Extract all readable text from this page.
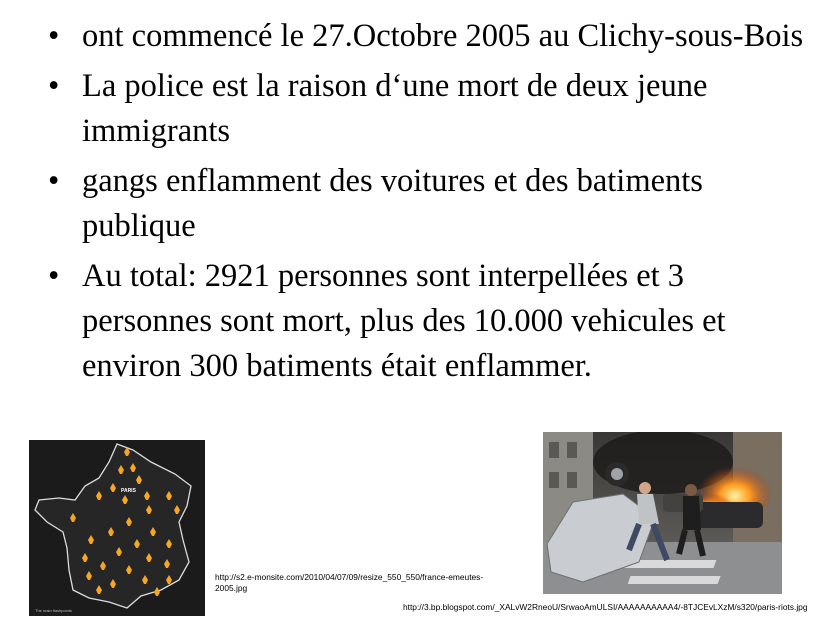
• ont commencé le 27.Octobre 2005 au Clichy-sous-Bois
• La police est la raison d‘une mort de deux jeune immigrants
• gangs enflamment des voitures et des batiments publique
• Au total: 2921 personnes sont interpellées et 3 personnes sont mort, plus des 10.000 vehicules et environ 300 batiments était enflammer.
PARIS
The main flashpoints
http://s2.e-monsite.com/2010/04/07/09/resize_550_550/france-emeutes-2005.jpg
http://3.bp.blogspot.com/_XALvW2RneoU/SrwaoAmULSI/AAAAAAAAAA4/-8TJCEvLXzM/s320/paris-riots.jpg
